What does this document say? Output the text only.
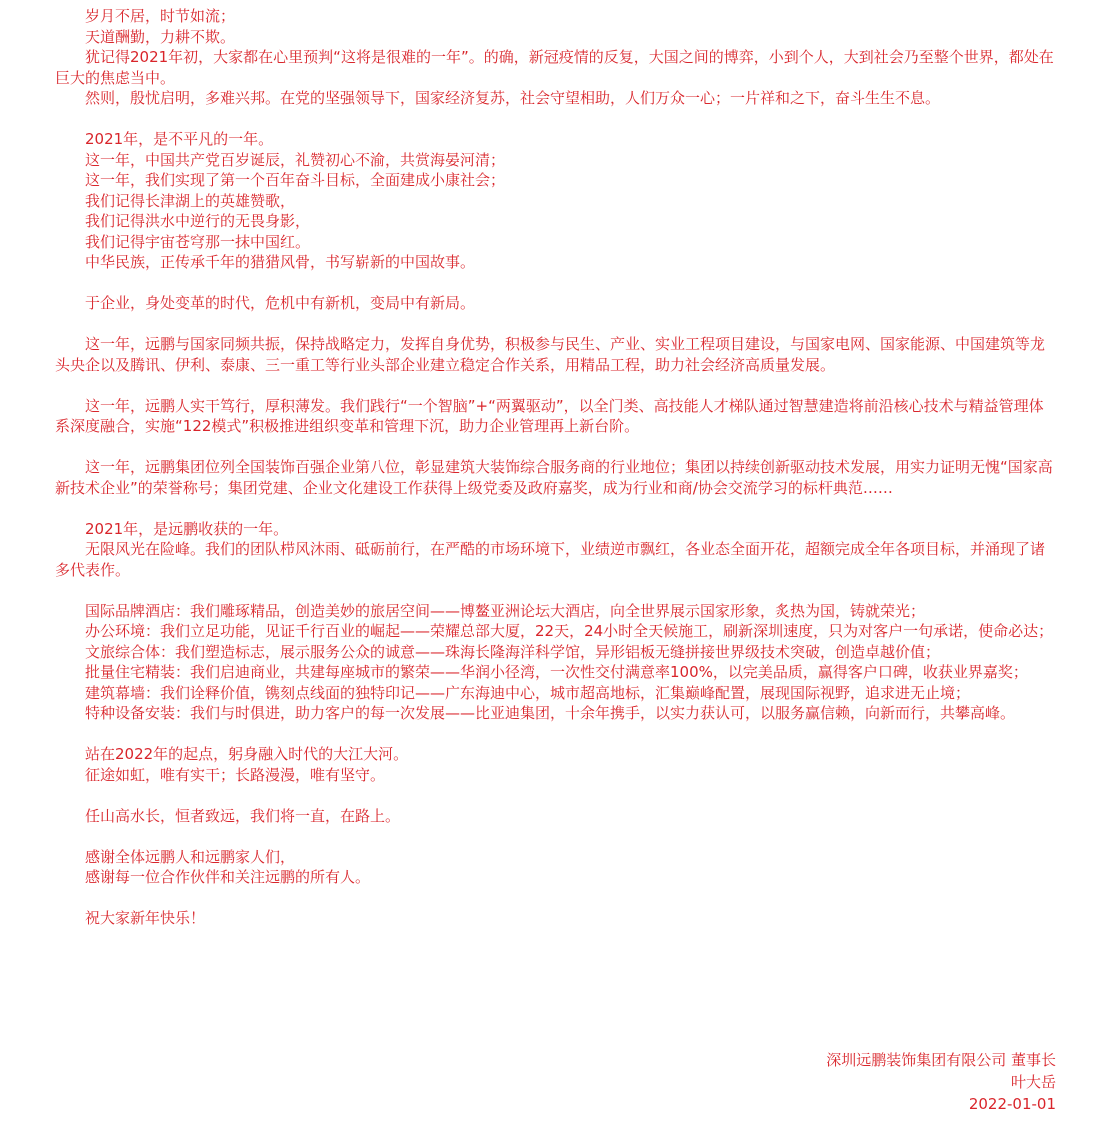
岁月不居，时节如流；

天道酬勤，力耕不欺。

犹记得2021年初，大家都在心里预判“这将是很难的一年”。的确，新冠疫情的反复，大国之间的博弈，小到个人，大到社会乃至整个世界，都处在巨大的焦虑当中。

然则，殷忧启明，多难兴邦。在党的坚强领导下，国家经济复苏，社会守望相助，人们万众一心；一片祥和之下，奋斗生生不息。

2021年，是不平凡的一年。

这一年，中国共产党百岁诞辰，礼赞初心不渝，共赏海晏河清；

这一年，我们实现了第一个百年奋斗目标，全面建成小康社会；

我们记得长津湖上的英雄赞歌，

我们记得洪水中逆行的无畏身影，

我们记得宇宙苍穹那一抹中国红。

中华民族，正传承千年的猎猎风骨，书写崭新的中国故事。

于企业，身处变革的时代，危机中有新机，变局中有新局。

这一年，远鹏与国家同频共振，保持战略定力，发挥自身优势，积极参与民生、产业、实业工程项目建设，与国家电网、国家能源、中国建筑等龙头央企以及腾讯、伊利、泰康、三一重工等行业头部企业建立稳定合作关系，用精品工程，助力社会经济高质量发展。

这一年，远鹏人实干笃行，厚积薄发。我们践行“一个智脑”+“两翼驱动”，以全门类、高技能人才梯队通过智慧建造将前沿核心技术与精益管理体系深度融合，实施“122模式”积极推进组织变革和管理下沉，助力企业管理再上新台阶。

这一年，远鹏集团位列全国装饰百强企业第八位，彰显建筑大装饰综合服务商的行业地位；集团以持续创新驱动技术发展，用实力证明无愧“国家高新技术企业”的荣誉称号；集团党建、企业文化建设工作获得上级党委及政府嘉奖，成为行业和商/协会交流学习的标杆典范……

2021年，是远鹏收获的一年。

无限风光在险峰。我们的团队栉风沐雨、砥砺前行，在严酷的市场环境下，业绩逆市飘红，各业态全面开花，超额完成全年各项目标，并涌现了诸多代表作。

国际品牌酒店：我们雕琢精品，创造美妙的旅居空间——博鳌亚洲论坛大酒店，向全世界展示国家形象，炙热为国，铸就荣光；

办公环境：我们立足功能，见证千行百业的崛起——荣耀总部大厦，22天，24小时全天候施工，刷新深圳速度，只为对客户一句承诺，使命必达；

文旅综合体：我们塑造标志，展示服务公众的诚意——珠海长隆海洋科学馆，异形铝板无缝拼接世界级技术突破，创造卓越价值；

批量住宅精装：我们启迪商业，共建每座城市的繁荣——华润小径湾，一次性交付满意率100%，以完美品质，赢得客户口碑，收获业界嘉奖；

建筑幕墙：我们诠释价值，镌刻点线面的独特印记——广东海迪中心，城市超高地标，汇集巅峰配置，展现国际视野，追求进无止境；

特种设备安装：我们与时俱进，助力客户的每一次发展——比亚迪集团，十余年携手，以实力获认可，以服务赢信赖，向新而行，共攀高峰。

站在2022年的起点，躬身融入时代的大江大河。

征途如虹，唯有实干；长路漫漫，唯有坚守。

任山高水长，恒者致远，我们将一直，在路上。

感谢全体远鹏人和远鹏家人们，

感谢每一位合作伙伴和关注远鹏的所有人。

祝大家新年快乐！

深圳远鹏装饰集团有限公司 董事长
叶大岳
2022-01-01
